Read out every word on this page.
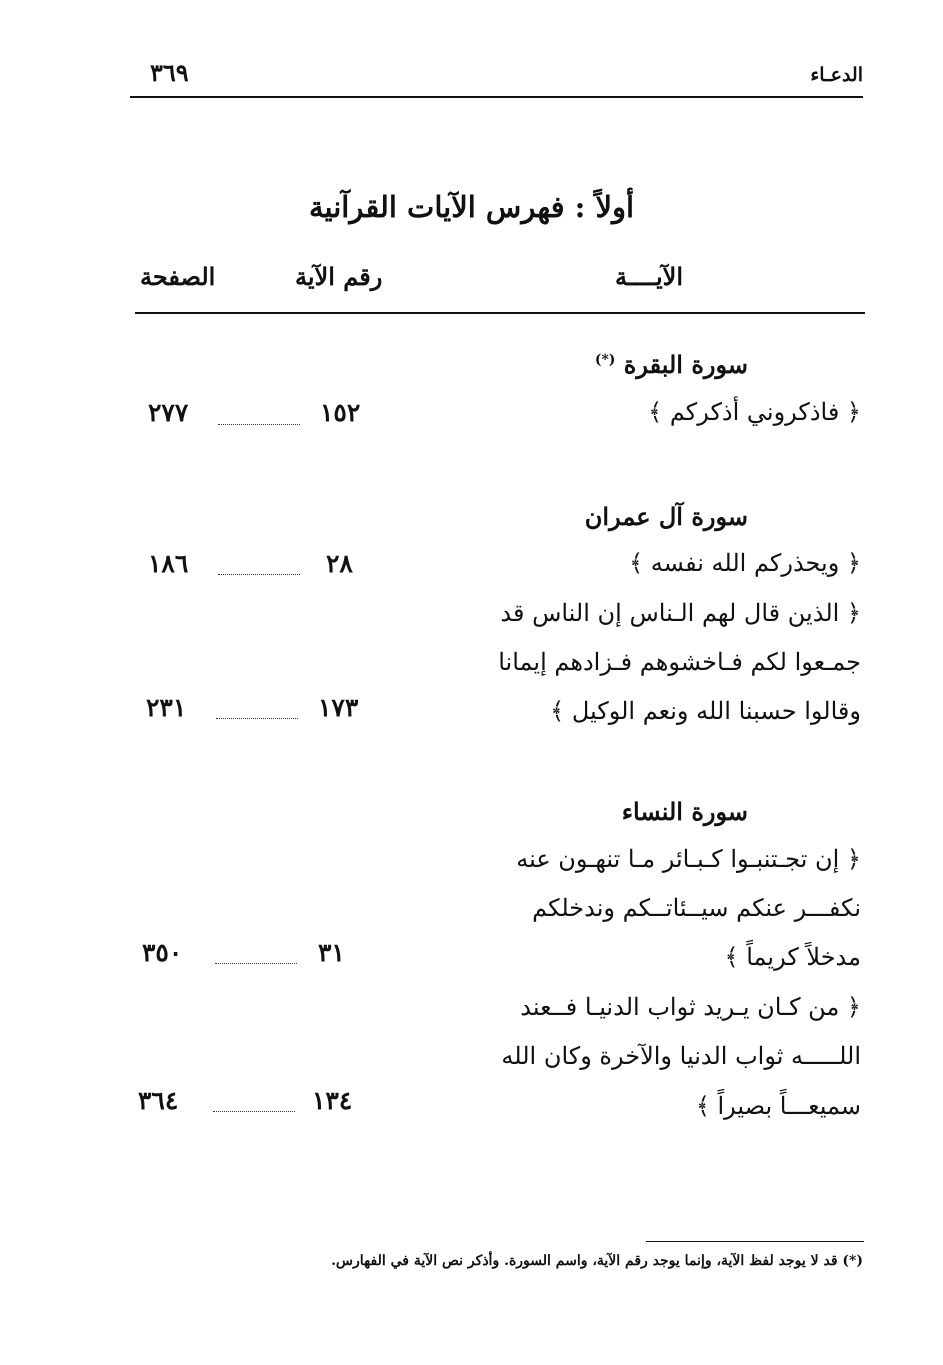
٣٦٩	الدعـاء
أولاً : فهرس الآيات القرآنية
الآيــــة
رقم الآية
الصفحة
سورة البقرة (*)
﴿ فاذكروني أذكركم ﴾
١٥٢
٢٧٧
سورة آل عمران
﴿ ويحذركم الله نفسه ﴾
٢٨
١٨٦
﴿ الذين قال لهم الـناس إن الناس قد
جمـعوا لكم فـاخشوهم فـزادهم إيمانا
وقالوا حسبنا الله ونعم الوكيل ﴾
١٧٣
٢٣١
سورة النساء
﴿ إن تجـتنبـوا كـبـائر مـا تنهـون عنه
نكفـــر عنكم سيــئاتــكم وندخلكم
مدخلاً كريماً ﴾
٣١
٣٥٠
﴿ من كـان يـريد ثواب الدنيـا فــعند
اللـــــه ثواب الدنيا والآخرة وكان الله
سميعـــاً بصيراً ﴾
١٣٤
٣٦٤
(*) قد لا يوجد لفظ الآية، وإنما يوجد رقم الآية، واسم السورة. وأذكر نص الآية في الفهارس.
